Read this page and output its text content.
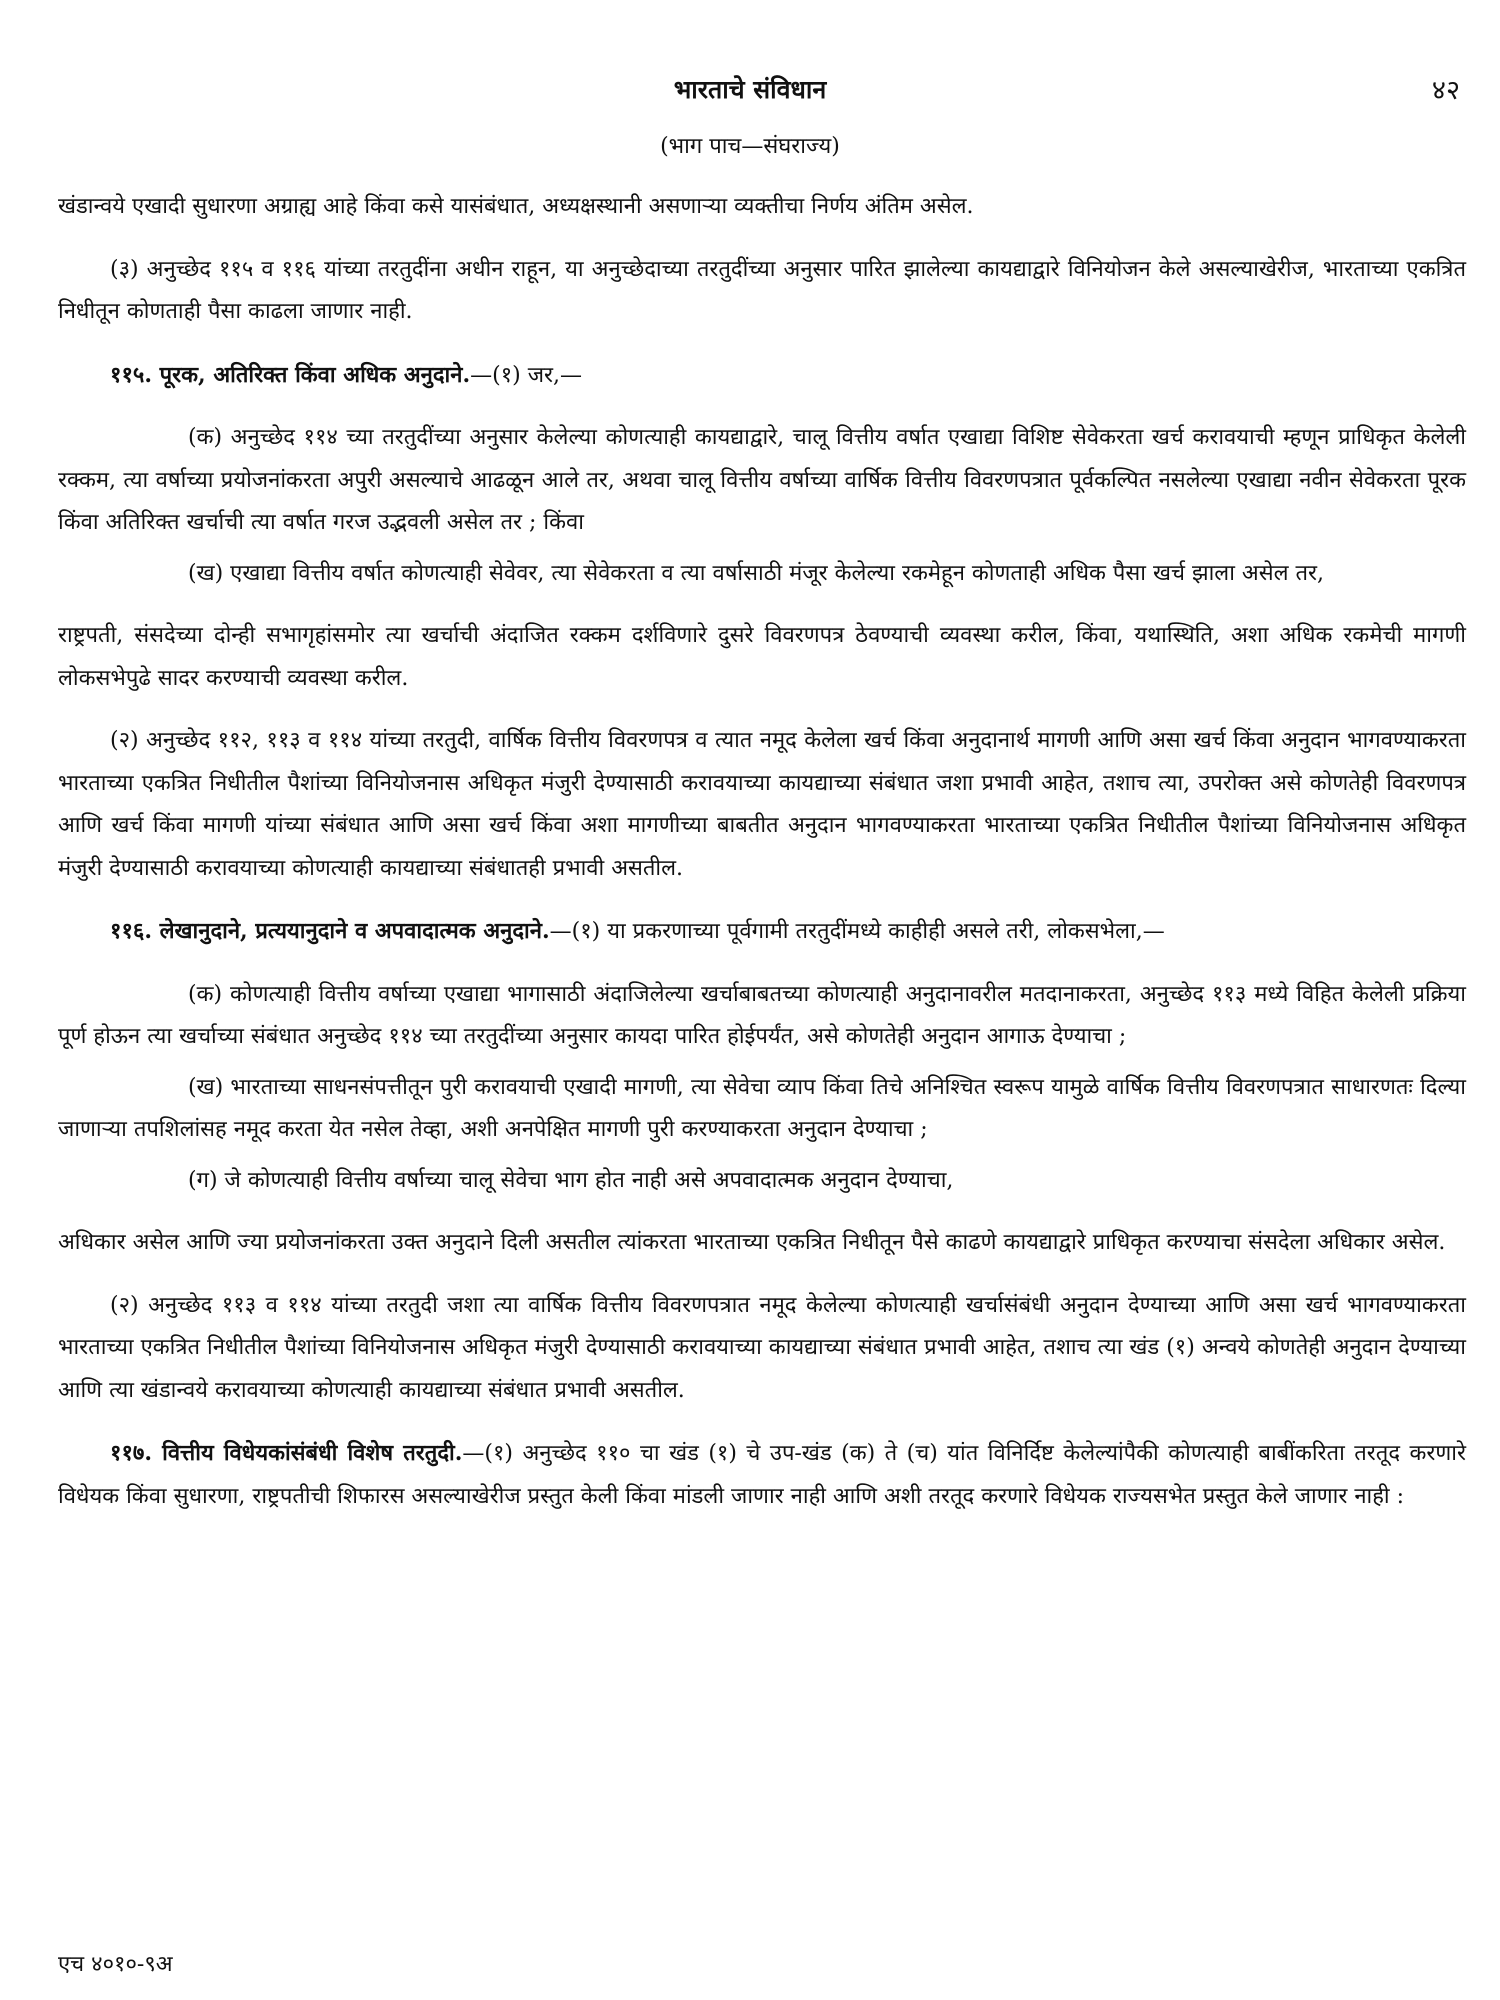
भारताचे संविधान	४२
(भाग पाच—संघराज्य)

खंडान्वये एखादी सुधारणा अग्राह्य आहे किंवा कसे यासंबंधात, अध्यक्षस्थानी असणाऱ्या व्यक्तीचा निर्णय अंतिम असेल.

(३) अनुच्छेद ११५ व ११६ यांच्या तरतुदींना अधीन राहून, या अनुच्छेदाच्या तरतुदींच्या अनुसार पारित झालेल्या कायद्याद्वारे विनियोजन केले असल्याखेरीज, भारताच्या एकत्रित निधीतून कोणताही पैसा काढला जाणार नाही.

११५. पूरक, अतिरिक्त किंवा अधिक अनुदाने.—(१) जर,—

(क) अनुच्छेद ११४ च्या तरतुदींच्या अनुसार केलेल्या कोणत्याही कायद्याद्वारे, चालू वित्तीय वर्षात एखाद्या विशिष्ट सेवेकरता खर्च करावयाची म्हणून प्राधिकृत केलेली रक्कम, त्या वर्षाच्या प्रयोजनांकरता अपुरी असल्याचे आढळून आले तर, अथवा चालू वित्तीय वर्षाच्या वार्षिक वित्तीय विवरणपत्रात पूर्वकल्पित नसलेल्या एखाद्या नवीन सेवेकरता पूरक किंवा अतिरिक्त खर्चाची त्या वर्षात गरज उद्भवली असेल तर ; किंवा

(ख) एखाद्या वित्तीय वर्षात कोणत्याही सेवेवर, त्या सेवेकरता व त्या वर्षासाठी मंजूर केलेल्या रकमेहून कोणताही अधिक पैसा खर्च झाला असेल तर,

राष्ट्रपती, संसदेच्या दोन्ही सभागृहांसमोर त्या खर्चाची अंदाजित रक्कम दर्शविणारे दुसरे विवरणपत्र ठेवण्याची व्यवस्था करील, किंवा, यथास्थिति, अशा अधिक रकमेची मागणी लोकसभेपुढे सादर करण्याची व्यवस्था करील.

(२) अनुच्छेद ११२, ११३ व ११४ यांच्या तरतुदी, वार्षिक वित्तीय विवरणपत्र व त्यात नमूद केलेला खर्च किंवा अनुदानार्थ मागणी आणि असा खर्च किंवा अनुदान भागवण्याकरता भारताच्या एकत्रित निधीतील पैशांच्या विनियोजनास अधिकृत मंजुरी देण्यासाठी करावयाच्या कायद्याच्या संबंधात जशा प्रभावी आहेत, तशाच त्या, उपरोक्त असे कोणतेही विवरणपत्र आणि खर्च किंवा मागणी यांच्या संबंधात आणि असा खर्च किंवा अशा मागणीच्या बाबतीत अनुदान भागवण्याकरता भारताच्या एकत्रित निधीतील पैशांच्या विनियोजनास अधिकृत मंजुरी देण्यासाठी करावयाच्या कोणत्याही कायद्याच्या संबंधातही प्रभावी असतील.

११६. लेखानुदाने, प्रत्ययानुदाने व अपवादात्मक अनुदाने.—(१) या प्रकरणाच्या पूर्वगामी तरतुदींमध्ये काहीही असले तरी, लोकसभेला,—

(क) कोणत्याही वित्तीय वर्षाच्या एखाद्या भागासाठी अंदाजिलेल्या खर्चाबाबतच्या कोणत्याही अनुदानावरील मतदानाकरता, अनुच्छेद ११३ मध्ये विहित केलेली प्रक्रिया पूर्ण होऊन त्या खर्चाच्या संबंधात अनुच्छेद ११४ च्या तरतुदींच्या अनुसार कायदा पारित होईपर्यंत, असे कोणतेही अनुदान आगाऊ देण्याचा ;

(ख) भारताच्या साधनसंपत्तीतून पुरी करावयाची एखादी मागणी, त्या सेवेचा व्याप किंवा तिचे अनिश्चित स्वरूप यामुळे वार्षिक वित्तीय विवरणपत्रात साधारणतः दिल्या जाणाऱ्या तपशिलांसह नमूद करता येत नसेल तेव्हा, अशी अनपेक्षित मागणी पुरी करण्याकरता अनुदान देण्याचा ;

(ग) जे कोणत्याही वित्तीय वर्षाच्या चालू सेवेचा भाग होत नाही असे अपवादात्मक अनुदान देण्याचा,

अधिकार असेल आणि ज्या प्रयोजनांकरता उक्त अनुदाने दिली असतील त्यांकरता भारताच्या एकत्रित निधीतून पैसे काढणे कायद्याद्वारे प्राधिकृत करण्याचा संसदेला अधिकार असेल.

(२) अनुच्छेद ११३ व ११४ यांच्या तरतुदी जशा त्या वार्षिक वित्तीय विवरणपत्रात नमूद केलेल्या कोणत्याही खर्चासंबंधी अनुदान देण्याच्या आणि असा खर्च भागवण्याकरता भारताच्या एकत्रित निधीतील पैशांच्या विनियोजनास अधिकृत मंजुरी देण्यासाठी करावयाच्या कायद्याच्या संबंधात प्रभावी आहेत, तशाच त्या खंड (१) अन्वये कोणतेही अनुदान देण्याच्या आणि त्या खंडान्वये करावयाच्या कोणत्याही कायद्याच्या संबंधात प्रभावी असतील.

११७. वित्तीय विधेयकांसंबंधी विशेष तरतुदी.—(१) अनुच्छेद ११० चा खंड (१) चे उप-खंड (क) ते (च) यांत विनिर्दिष्ट केलेल्यांपैकी कोणत्याही बाबींकरिता तरतूद करणारे विधेयक किंवा सुधारणा, राष्ट्रपतीची शिफारस असल्याखेरीज प्रस्तुत केली किंवा मांडली जाणार नाही आणि अशी तरतूद करणारे विधेयक राज्यसभेत प्रस्तुत केले जाणार नाही :

एच ४०१०-९अ
